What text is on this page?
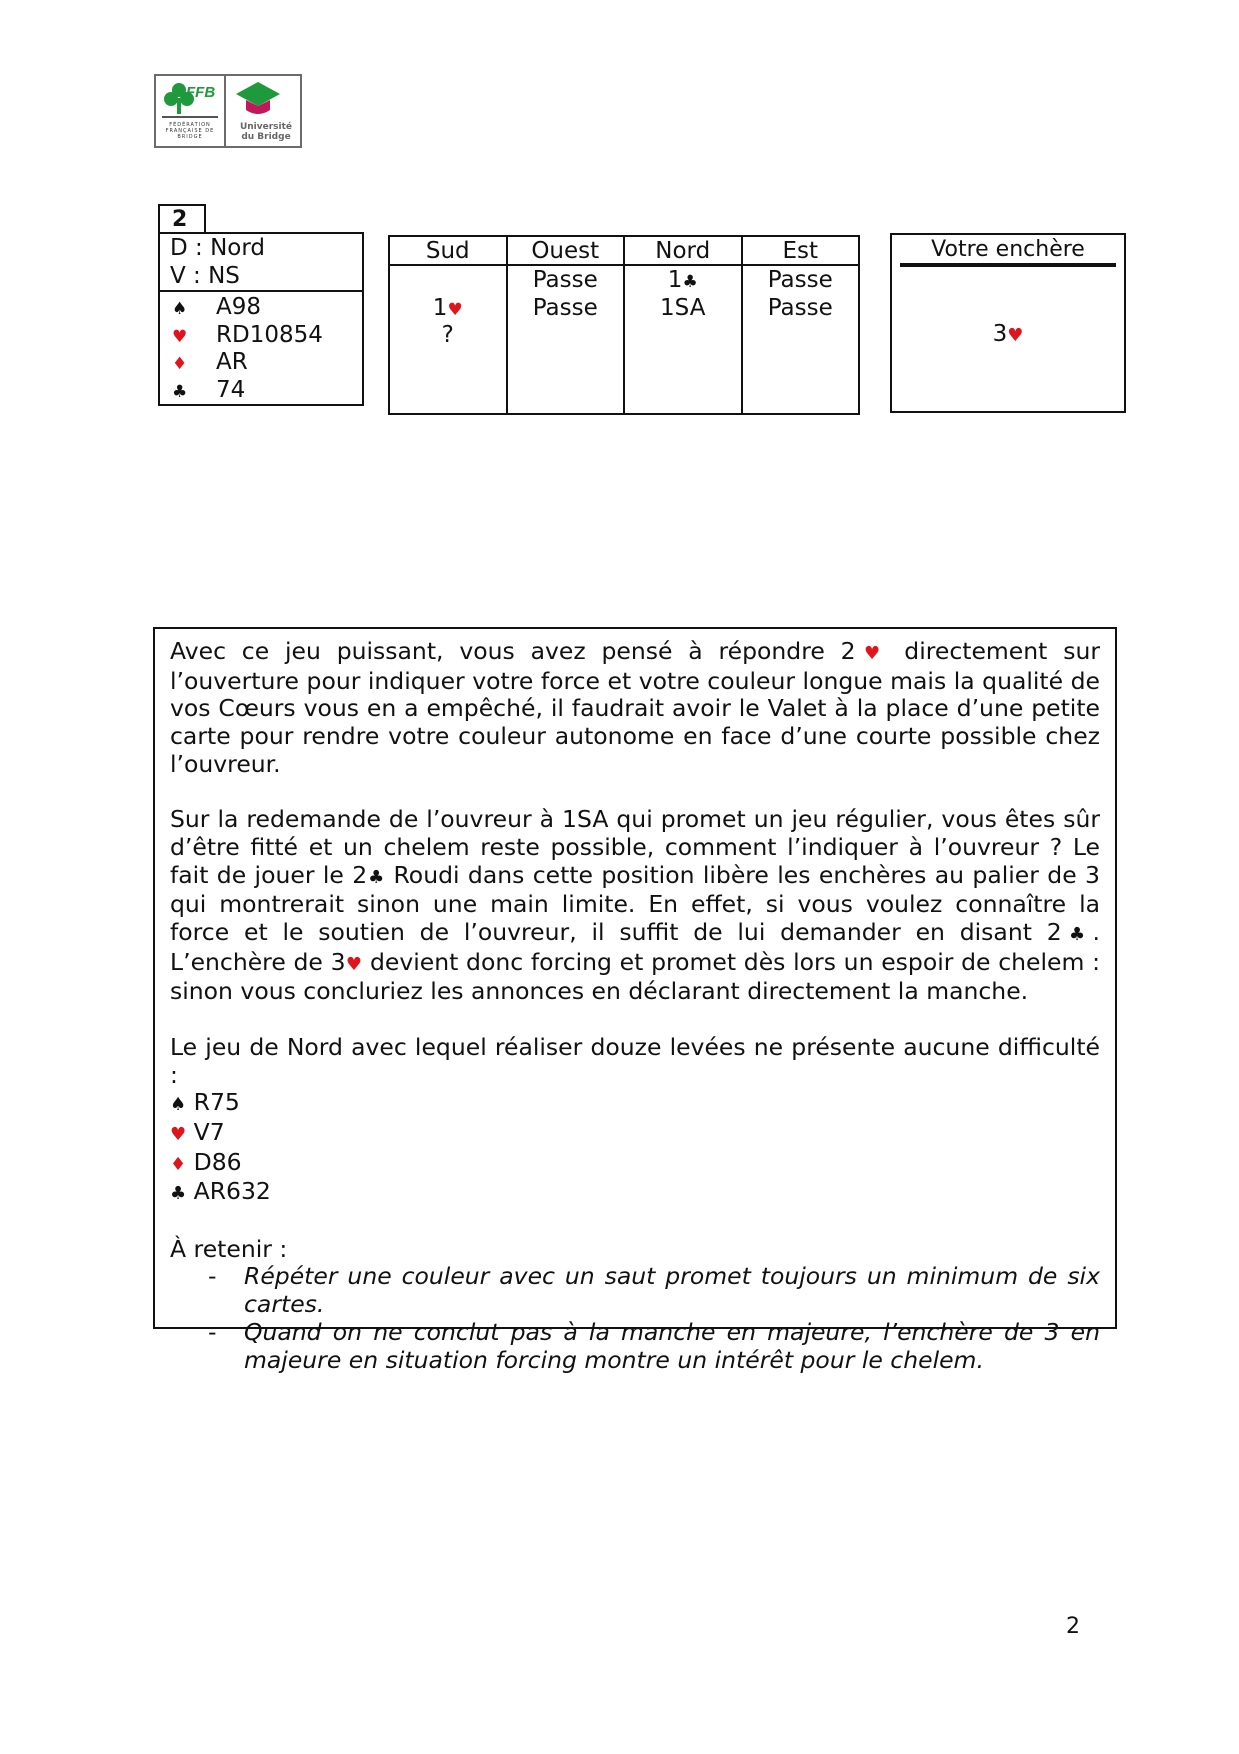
FFB
FÉDÉRATION FRANÇAISE DE BRIDGE
Université du Bridge
2
D : Nord
V : NS
♠ A98
♥ RD10854
♦ AR
♣ 74
Sud
1♥
?
Ouest
Passe
Passe
Nord
1♣
1SA
Est
Passe
Passe
Votre enchère
3♥

Avec ce jeu puissant, vous avez pensé à répondre 2♥ directement sur l’ouverture pour indiquer votre force et votre couleur longue mais la qualité de vos Cœurs vous en a empêché, il faudrait avoir le Valet à la place d’une petite carte pour rendre votre couleur autonome en face d’une courte possible chez l’ouvreur.

Sur la redemande de l’ouvreur à 1SA qui promet un jeu régulier, vous êtes sûr d’être fitté et un chelem reste possible, comment l’indiquer à l’ouvreur ? Le fait de jouer le 2♣ Roudi dans cette position libère les enchères au palier de 3 qui montrerait sinon une main limite. En effet, si vous voulez connaître la force et le soutien de l’ouvreur, il suffit de lui demander en disant 2♣. L’enchère de 3♥ devient donc forcing et promet dès lors un espoir de chelem : sinon vous concluriez les annonces en déclarant directement la manche.

Le jeu de Nord avec lequel réaliser douze levées ne présente aucune difficulté :

♠ R75
♥ V7
♦ D86
♣ AR632

À retenir :

- Répéter une couleur avec un saut promet toujours un minimum de six cartes.
- Quand on ne conclut pas à la manche en majeure, l’enchère de 3 en majeure en situation forcing montre un intérêt pour le chelem.
2
